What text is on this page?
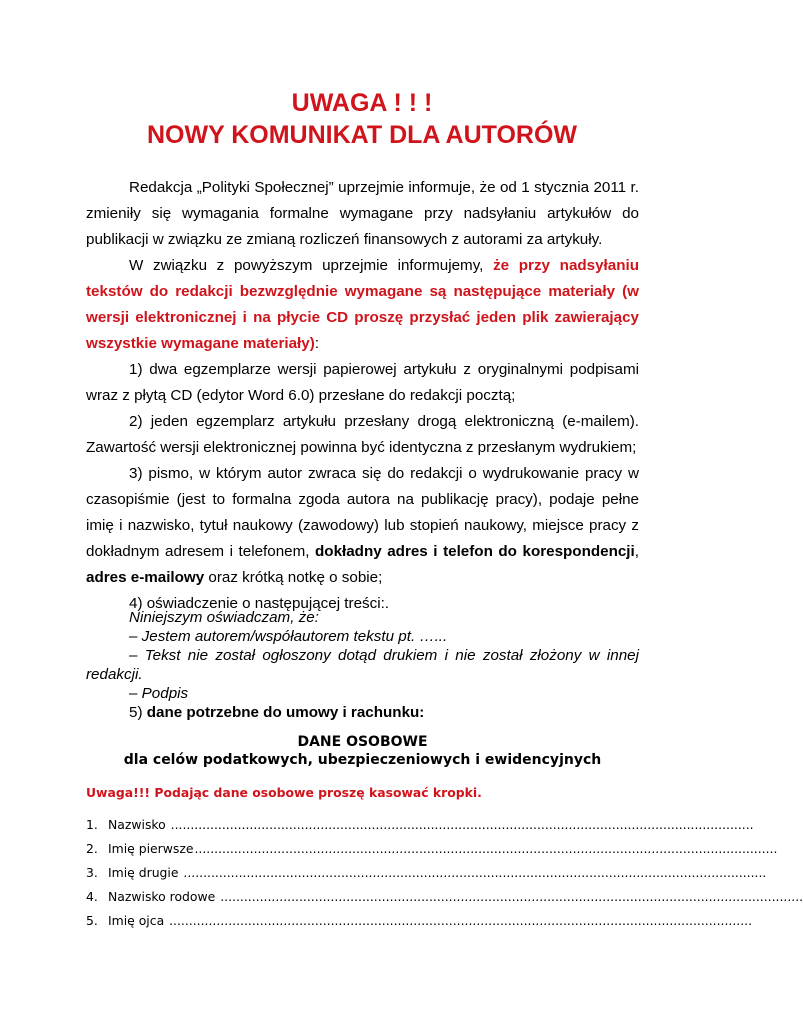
UWAGA ! ! !
NOWY KOMUNIKAT DLA AUTORÓW

Redakcja „Polityki Społecznej” uprzejmie informuje, że od 1 stycznia 2011 r. zmieniły się wymagania formalne wymagane przy nadsyłaniu artykułów do publikacji w związku ze zmianą rozliczeń finansowych z autorami za artykuły.

W związku z powyższym uprzejmie informujemy, że przy nadsyłaniu tekstów do redakcji bezwzględnie wymagane są następujące materiały (w wersji elektronicznej i na płycie CD proszę przysłać jeden plik zawierający wszystkie wymagane materiały):

1) dwa egzemplarze wersji papierowej artykułu z oryginalnymi podpisami wraz z płytą CD (edytor Word 6.0) przesłane do redakcji pocztą;

2) jeden egzemplarz artykułu przesłany drogą elektroniczną (e-mailem). Zawartość wersji elektronicznej powinna być identyczna z przesłanym wydrukiem;

3) pismo, w którym autor zwraca się do redakcji o wydrukowanie pracy w czasopiśmie (jest to formalna zgoda autora na publikację pracy), podaje pełne imię i nazwisko, tytuł naukowy (zawodowy) lub stopień naukowy, miejsce pracy z dokładnym adresem i telefonem, dokładny adres i telefon do korespondencji, adres e-mailowy oraz krótką notkę o sobie;

4) oświadczenie o następującej treści:.

Niniejszym oświadczam, że:

– Jestem autorem/współautorem tekstu pt. …...

– Tekst nie został ogłoszony dotąd drukiem i nie został złożony w innej redakcji.

– Podpis

5) dane potrzebne do umowy i rachunku:

DANE OSOBOWE
dla celów podatkowych, ubezpieczeniowych i ewidencyjnych
Uwaga!!! Podając dane osobowe proszę kasować kropki.
1. Nazwisko ....................................................................................................................................................
2. Imię pierwsze....................................................................................................................................................
3. Imię drugie ....................................................................................................................................................
4. Nazwisko rodowe ....................................................................................................................................................
5. Imię ojca ....................................................................................................................................................
